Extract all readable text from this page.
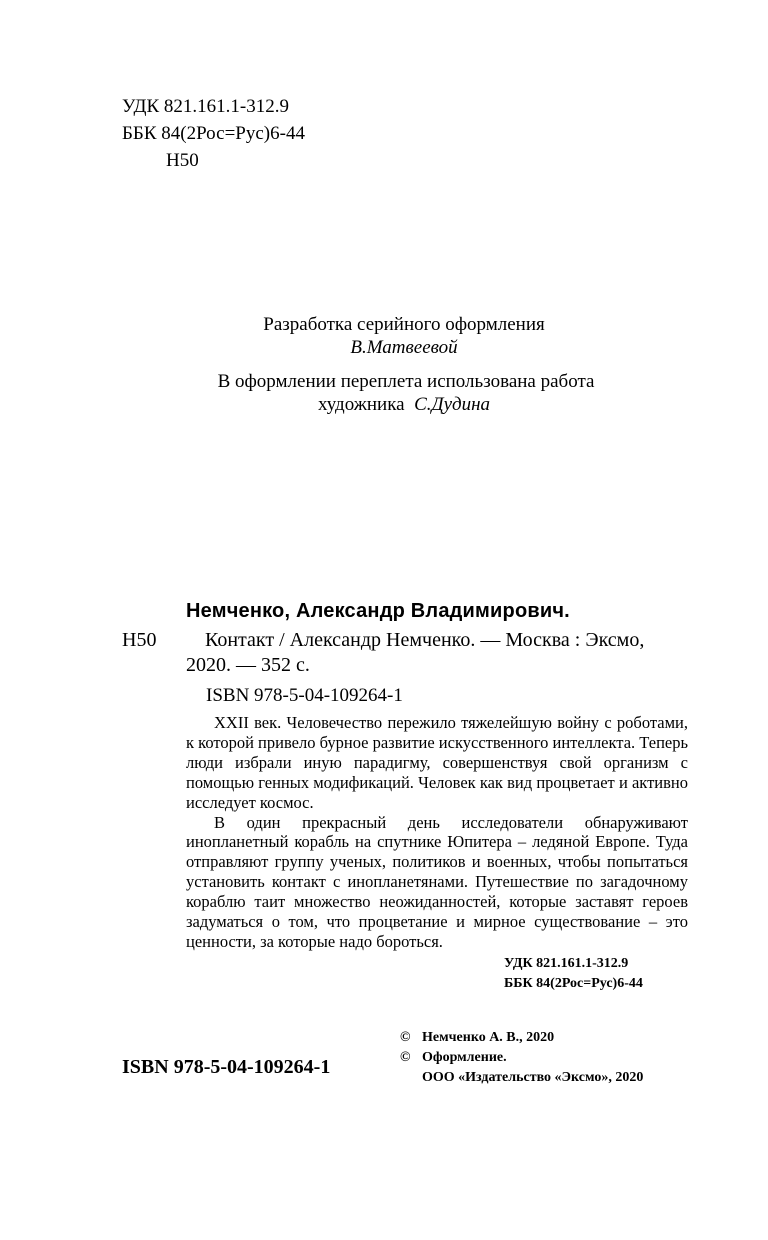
УДК 821.161.1-312.9
ББК 84(2Рос=Рус)6-44
Н50
Разработка серийного оформления
В.Матвеевой
В оформлении переплета использована работа
художника С.Дудина
Немченко, Александр Владимирович.
Н50 Контакт / Александр Немченко. — Москва : Эксмо,
2020. — 352 с.
ISBN 978-5-04-109264-1

XXII век. Человечество пережило тяжелейшую войну с роботами, к которой привело бурное развитие искусственного интеллекта. Теперь люди избрали иную парадигму, совершенствуя свой организм с помощью генных модификаций. Человек как вид процветает и активно исследует космос.

В один прекрасный день исследователи обнаруживают инопланетный корабль на спутнике Юпитера – ледяной Европе. Туда отправляют группу ученых, политиков и военных, чтобы попытаться установить контакт с инопланетянами. Путешествие по загадочному кораблю таит множество неожиданностей, которые заставят героев задуматься о том, что процветание и мирное существование – это ценности, за которые надо бороться.

УДК 821.161.1-312.9
ББК 84(2Рос=Рус)6-44
ISBN 978-5-04-109264-1
© Немченко А. В., 2020
© Оформление.
ООО «Издательство «Эксмо», 2020
